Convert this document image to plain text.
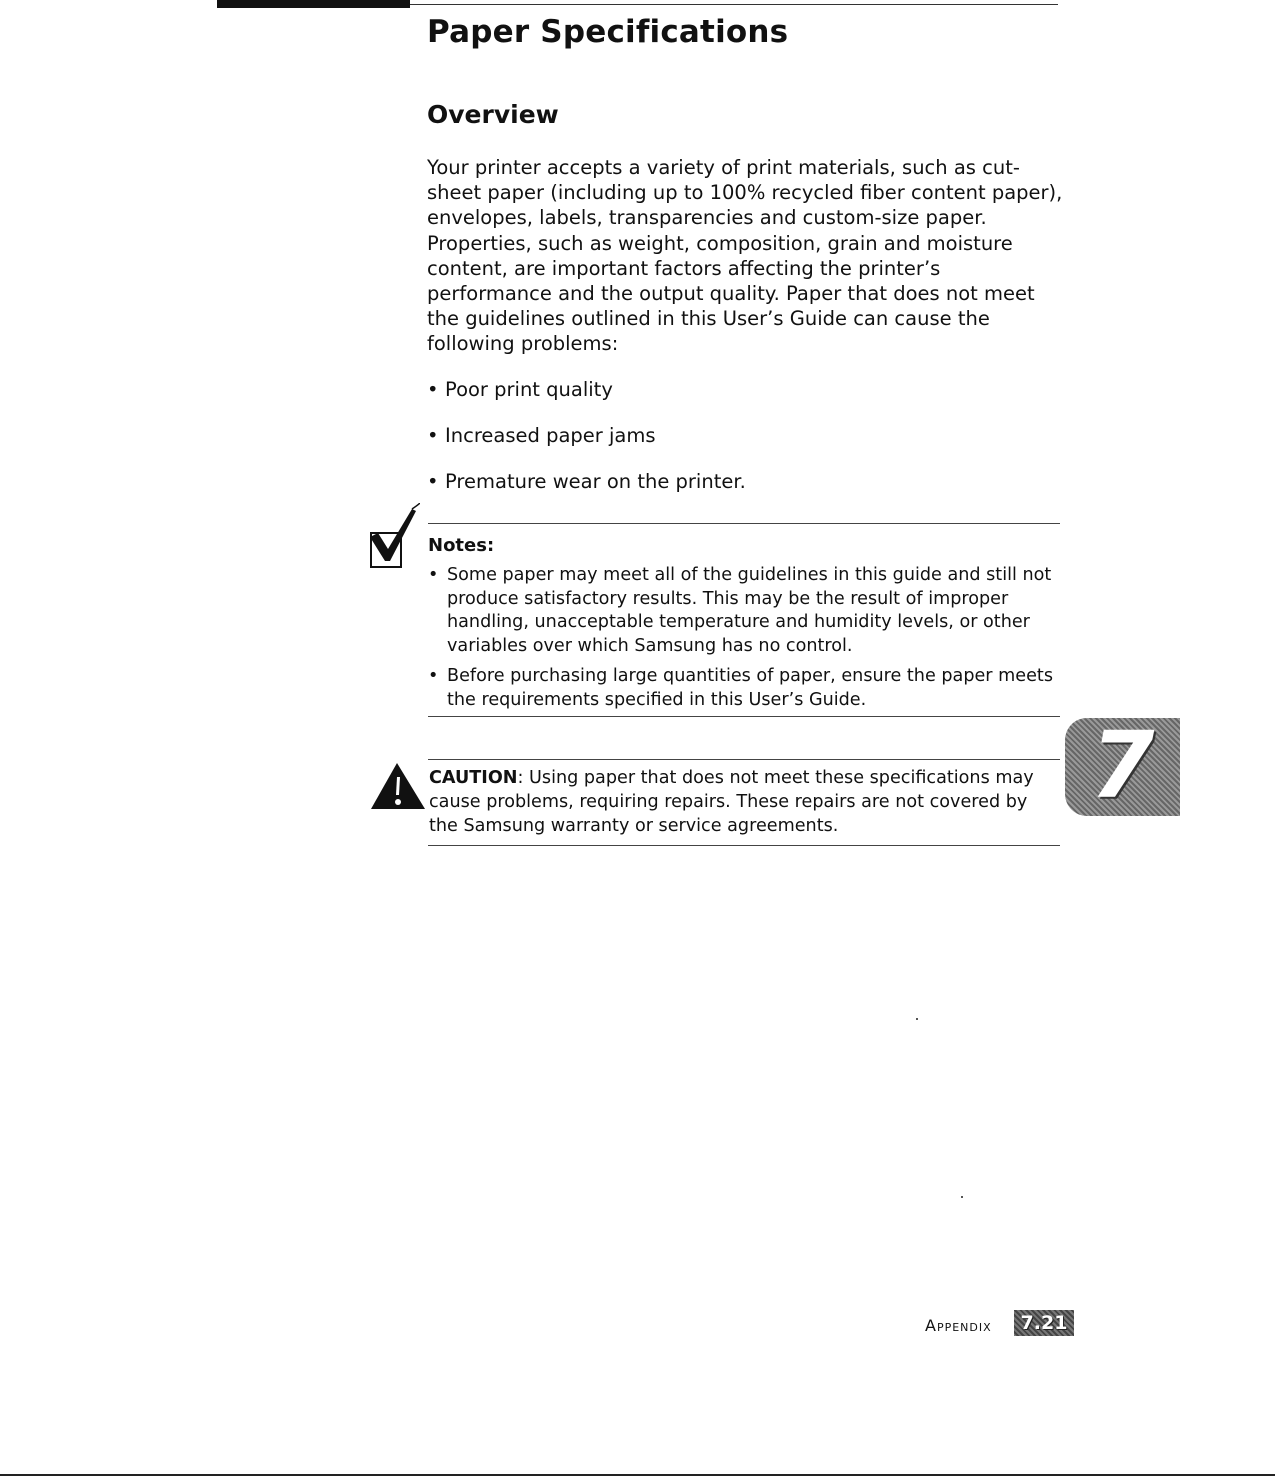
Paper Specifications
Overview

Your printer accepts a variety of print materials, such as cut-sheet paper (including up to 100% recycled fiber content paper), envelopes, labels, transparencies and custom-size paper. Properties, such as weight, composition, grain and moisture content, are important factors affecting the printer’s performance and the output quality. Paper that does not meet the guidelines outlined in this User’s Guide can cause the following problems:

• Poor print quality
• Increased paper jams
• Premature wear on the printer.

Notes:

• Some paper may meet all of the guidelines in this guide and still not produce satisfactory results. This may be the result of improper handling, unacceptable temperature and humidity levels, or other variables over which Samsung has no control.
• Before purchasing large quantities of paper, ensure the paper meets the requirements specified in this User’s Guide.

CAUTION: Using paper that does not meet these specifications may cause problems, requiring repairs. These repairs are not covered by the Samsung warranty or service agreements.

7

Appendix	7.21
